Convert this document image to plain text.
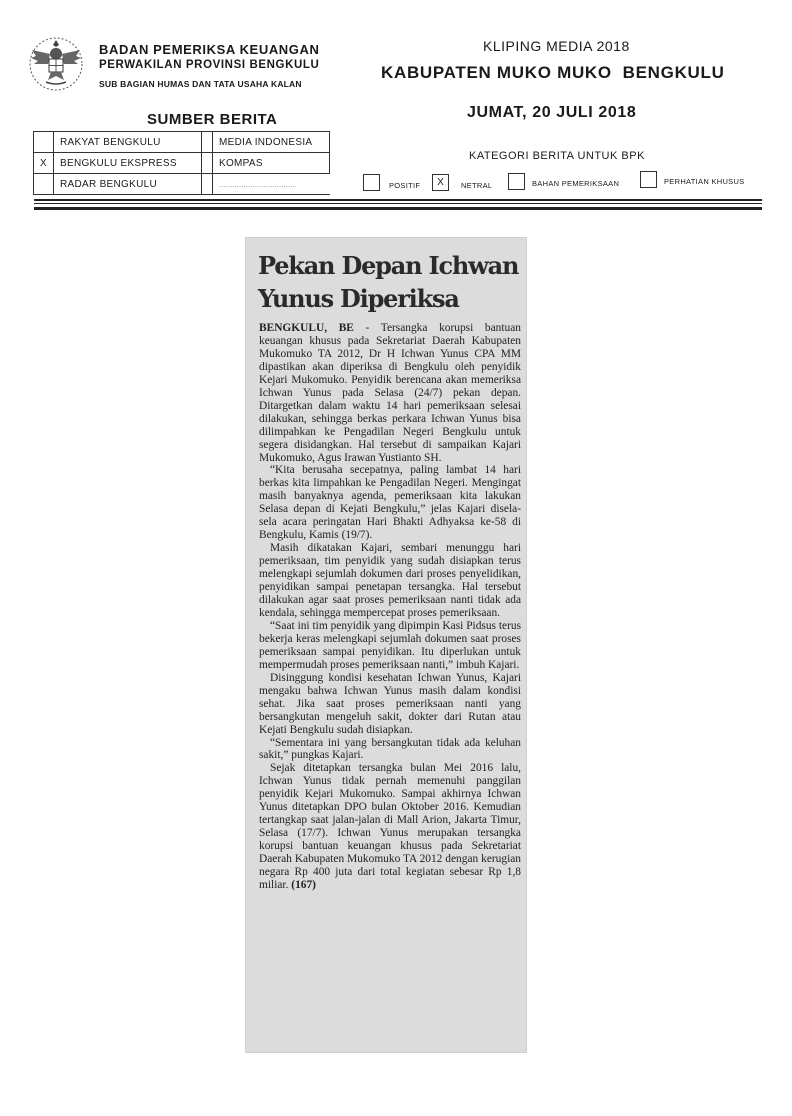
BADAN PEMERIKSA KEUANGAN
PERWAKILAN PROVINSI BENGKULU
SUB BAGIAN HUMAS DAN TATA USAHA KALAN
KLIPING MEDIA 2018
KABUPATEN MUKO MUKO  BENGKULU
JUMAT, 20 JULI 2018
SUMBER BERITA
	RAKYAT BENGKULU		MEDIA INDONESIA
X	BENGKULU EKSPRESS		KOMPAS
	RADAR BENGKULU		...................................
KATEGORI BERITA UNTUK BPK
POSITIF	X	NETRAL	BAHAN PEMERIKSAAN	PERHATIAN KHUSUS
Pekan Depan Ichwan
Yunus Diperiksa

BENGKULU, BE - Tersangka korupsi bantuan keuangan khusus pada Sekretariat Daerah Kabupaten Mukomuko TA 2012, Dr H Ichwan Yunus CPA MM dipastikan akan diperiksa di Bengkulu oleh penyidik Kejari Mukomuko. Penyidik berencana akan memeriksa Ichwan Yunus pada Selasa (24/7) pekan depan. Ditargetkan dalam waktu 14 hari pemeriksaan selesai dilakukan, sehingga berkas perkara Ichwan Yunus bisa dilimpahkan ke Pengadilan Negeri Bengkulu untuk segera disidangkan. Hal tersebut di sampaikan Kajari Mukomuko, Agus Irawan Yustianto SH.

“Kita berusaha secepatnya, paling lambat 14 hari berkas kita limpahkan ke Pengadilan Negeri. Mengingat masih banyaknya agenda, pemeriksaan kita lakukan Selasa depan di Kejati Bengkulu,” jelas Kajari disela-sela acara peringatan Hari Bhakti Adhyaksa ke-58 di Bengkulu, Kamis (19/7).

Masih dikatakan Kajari, sembari menunggu hari pemeriksaan, tim penyidik yang sudah disiapkan terus melengkapi sejumlah dokumen dari proses penyelidikan, penyidikan sampai penetapan tersangka. Hal tersebut dilakukan agar saat proses pemeriksaan nanti tidak ada kendala, sehingga mempercepat proses pemeriksaan.

“Saat ini tim penyidik yang dipimpin Kasi Pidsus terus bekerja keras melengkapi sejumlah dokumen saat proses pemeriksaan sampai penyidikan. Itu diperlukan untuk mempermudah proses pemeriksaan nanti,” imbuh Kajari.

Disinggung kondisi kesehatan Ichwan Yunus, Kajari mengaku bahwa Ichwan Yunus masih dalam kondisi sehat. Jika saat proses pemeriksaan nanti yang bersangkutan mengeluh sakit, dokter dari Rutan atau Kejati Bengkulu sudah disiapkan.

“Sementara ini yang bersangkutan tidak ada keluhan sakit,” pungkas Kajari.

Sejak ditetapkan tersangka bulan Mei 2016 lalu, Ichwan Yunus tidak pernah memenuhi panggilan penyidik Kejari Mukomuko. Sampai akhirnya Ichwan Yunus ditetapkan DPO bulan Oktober 2016. Kemudian tertangkap saat jalan-jalan di Mall Arion, Jakarta Timur, Selasa (17/7). Ichwan Yunus merupakan tersangka korupsi bantuan keuangan khusus pada Sekretariat Daerah Kabupaten Mukomuko TA 2012 dengan kerugian negara Rp 400 juta dari total kegiatan sebesar Rp 1,8 miliar. (167)
